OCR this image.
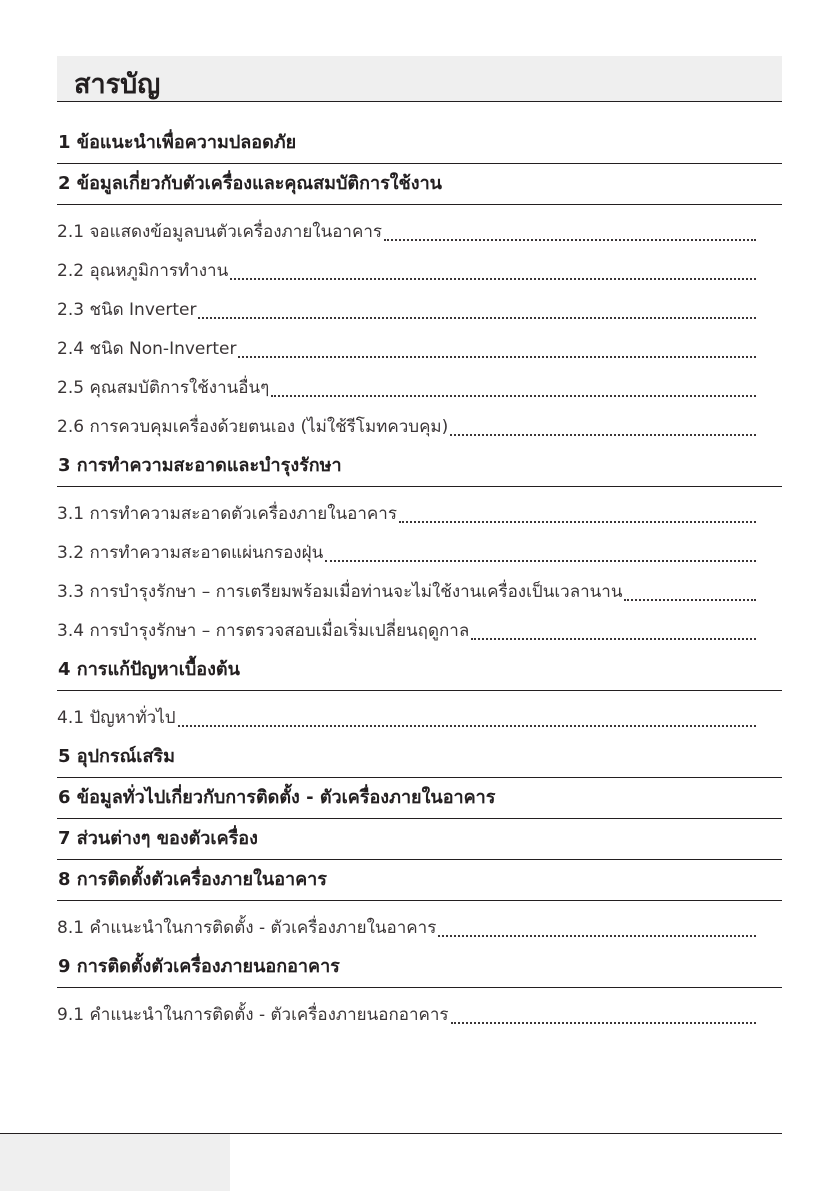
สารบัญ
1 ข้อแนะนำเพื่อความปลอดภัย
2 ข้อมูลเกี่ยวกับตัวเครื่องและคุณสมบัติการใช้งาน
2.1 จอแสดงข้อมูลบนตัวเครื่องภายในอาคาร
2.2 อุณหภูมิการทำงาน
2.3 ชนิด Inverter
2.4 ชนิด Non-Inverter
2.5 คุณสมบัติการใช้งานอื่นๆ
2.6 การควบคุมเครื่องด้วยตนเอง (ไม่ใช้รีโมทควบคุม)
3 การทำความสะอาดและบำรุงรักษา
3.1 การทำความสะอาดตัวเครื่องภายในอาคาร
3.2 การทำความสะอาดแผ่นกรองฝุ่น
3.3 การบำรุงรักษา – การเตรียมพร้อมเมื่อท่านจะไม่ใช้งานเครื่องเป็นเวลานาน
3.4 การบำรุงรักษา – การตรวจสอบเมื่อเริ่มเปลี่ยนฤดูกาล
4 การแก้ปัญหาเบื้องต้น
4.1 ปัญหาทั่วไป
5 อุปกรณ์เสริม
6 ข้อมูลทั่วไปเกี่ยวกับการติดตั้ง - ตัวเครื่องภายในอาคาร
7 ส่วนต่างๆ ของตัวเครื่อง
8 การติดตั้งตัวเครื่องภายในอาคาร
8.1 คำแนะนำในการติดตั้ง - ตัวเครื่องภายในอาคาร
9 การติดตั้งตัวเครื่องภายนอกอาคาร
9.1 คำแนะนำในการติดตั้ง - ตัวเครื่องภายนอกอาคาร
